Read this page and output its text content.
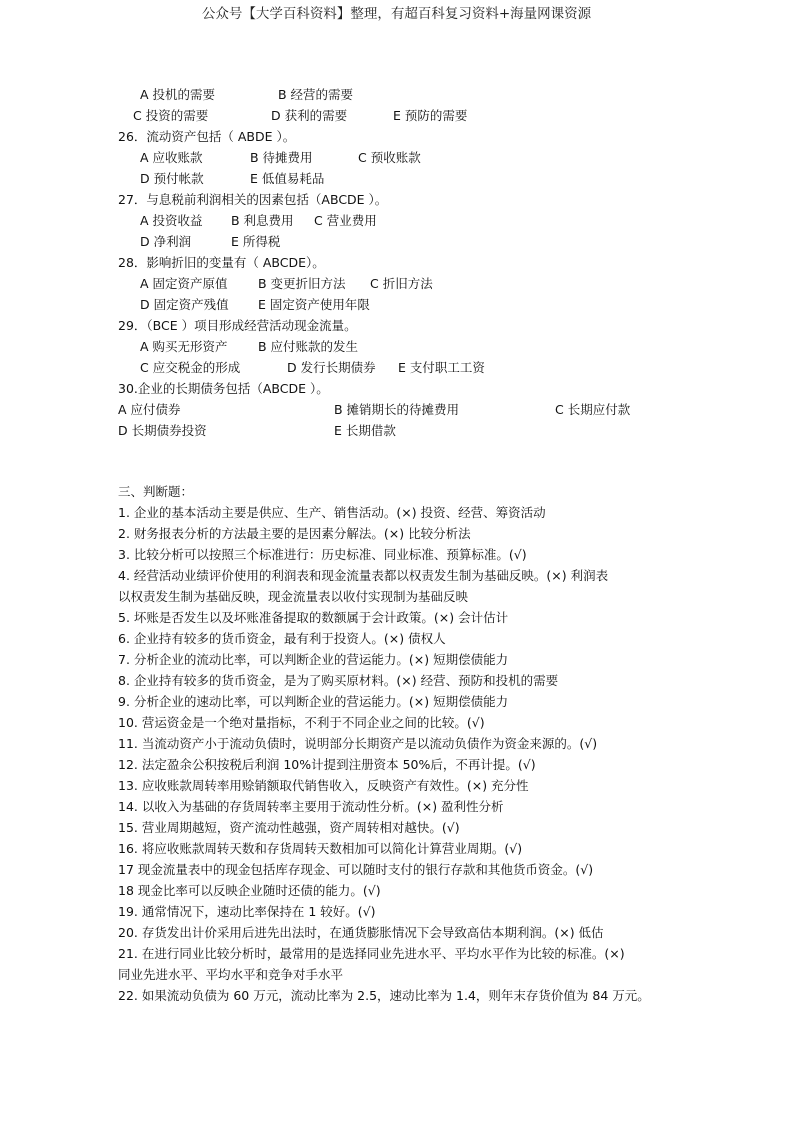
公众号【大学百科资料】整理，有超百科复习资料+海量网课资源
A 投机的需要	B 经营的需要
C 投资的需要	D 获利的需要	E 预防的需要
26．流动资产包括（ ABDE ）。
A 应收账款	B 待摊费用	C 预收账款
D 预付帐款	E 低值易耗品
27．与息税前利润相关的因素包括（ABCDE ）。
A 投资收益 B 利息费用 C 营业费用
D 净利润	E 所得税
28．影响折旧的变量有（ ABCDE）。
A 固定资产原值 B 变更折旧方法 C 折旧方法
D 固定资产残值 E 固定资产使用年限
29．（BCE ）项目形成经营活动现金流量。
A 购买无形资产 B 应付账款的发生
C 应交税金的形成	D 发行长期债券 E 支付职工工资
30.企业的长期债务包括（ABCDE ）。
A 应付债券	B 摊销期长的待摊费用	C 长期应付款
D 长期债券投资	E 长期借款
三、判断题：
1. 企业的基本活动主要是供应、生产、销售活动。(×) 投资、经营、筹资活动
2. 财务报表分析的方法最主要的是因素分解法。(×) 比较分析法
3. 比较分析可以按照三个标准进行：历史标准、同业标准、预算标准。(√)
4. 经营活动业绩评价使用的利润表和现金流量表都以权责发生制为基础反映。(×) 利润表
以权责发生制为基础反映，现金流量表以收付实现制为基础反映
5. 坏账是否发生以及坏账准备提取的数额属于会计政策。(×) 会计估计
6. 企业持有较多的货币资金，最有利于投资人。(×) 债权人
7. 分析企业的流动比率，可以判断企业的营运能力。(×) 短期偿债能力
8. 企业持有较多的货币资金，是为了购买原材料。(×) 经营、预防和投机的需要
9. 分析企业的速动比率，可以判断企业的营运能力。(×) 短期偿债能力
10. 营运资金是一个绝对量指标，不利于不同企业之间的比较。(√)
11. 当流动资产小于流动负债时，说明部分长期资产是以流动负债作为资金来源的。(√)
12. 法定盈余公积按税后利润 10%计提到注册资本 50%后，不再计提。(√)
13. 应收账款周转率用赊销额取代销售收入，反映资产有效性。(×) 充分性
14. 以收入为基础的存货周转率主要用于流动性分析。(×) 盈利性分析
15. 营业周期越短，资产流动性越强，资产周转相对越快。(√)
16. 将应收账款周转天数和存货周转天数相加可以简化计算营业周期。(√)
17 现金流量表中的现金包括库存现金、可以随时支付的银行存款和其他货币资金。(√)
18 现金比率可以反映企业随时还债的能力。(√)
19. 通常情况下，速动比率保持在 1 较好。(√)
20. 存货发出计价采用后进先出法时，在通货膨胀情况下会导致高估本期利润。(×) 低估
21. 在进行同业比较分析时，最常用的是选择同业先进水平、平均水平作为比较的标准。(×)
同业先进水平、平均水平和竞争对手水平
22. 如果流动负债为 60 万元，流动比率为 2.5，速动比率为 1.4，则年末存货价值为 84 万元。
